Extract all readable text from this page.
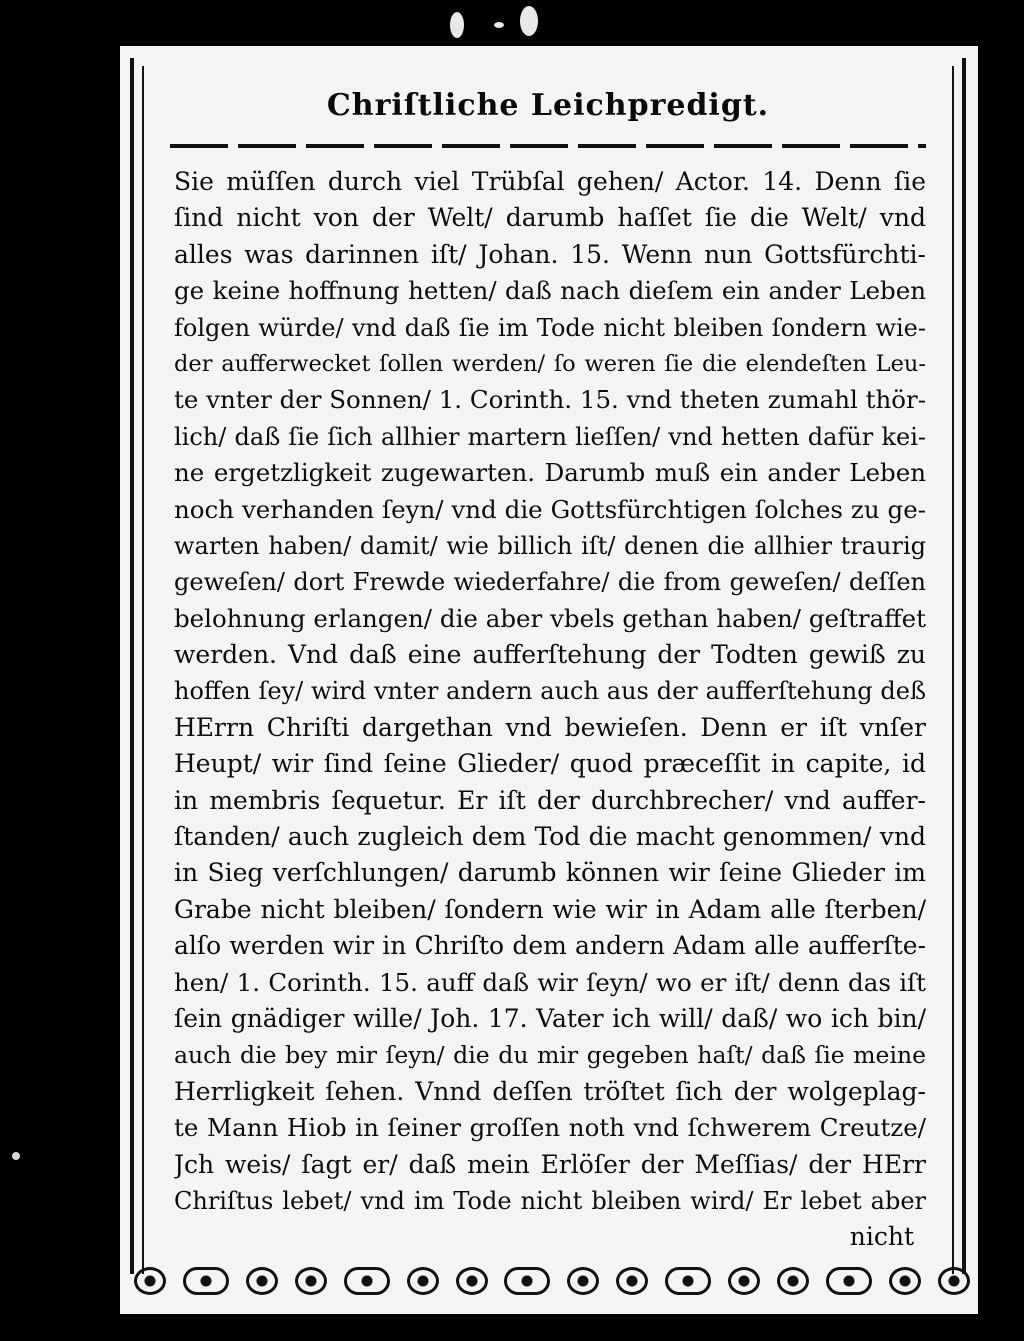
Chriſtliche Leichpredigt.
Sie müſſen durch viel Trübſal gehen/ Actor. 14. Denn ſie
ſind nicht von der Welt/ darumb haſſet ſie die Welt/ vnd
alles was darinnen iſt/ Johan. 15. Wenn nun Gottsfürchti-
ge keine hoffnung hetten/ daß nach dieſem ein ander Leben
folgen würde/ vnd daß ſie im Tode nicht bleiben ſondern wie-
der aufferwecket ſollen werden/ ſo weren ſie die elendeſten Leu-
te vnter der Sonnen/ 1. Corinth. 15. vnd theten zumahl thör-
lich/ daß ſie ſich allhier martern lieſſen/ vnd hetten dafür kei-
ne ergetzligkeit zugewarten. Darumb muß ein ander Leben
noch verhanden ſeyn/ vnd die Gottsfürchtigen ſolches zu ge-
warten haben/ damit/ wie billich iſt/ denen die allhier traurig
geweſen/ dort Frewde wiederfahre/ die from geweſen/ deſſen
belohnung erlangen/ die aber vbels gethan haben/ geſtraffet
werden. Vnd daß eine aufferſtehung der Todten gewiß zu
hoffen ſey/ wird vnter andern auch aus der aufferſtehung deß
HErrn Chriſti dargethan vnd bewieſen. Denn er iſt vnſer
Heupt/ wir ſind ſeine Glieder/ quod præceſſit in capite, id
in membris ſequetur. Er iſt der durchbrecher/ vnd auffer-
ſtanden/ auch zugleich dem Tod die macht genommen/ vnd
in Sieg verſchlungen/ darumb können wir ſeine Glieder im
Grabe nicht bleiben/ ſondern wie wir in Adam alle ſterben/
alſo werden wir in Chriſto dem andern Adam alle aufferſte-
hen/ 1. Corinth. 15. auff daß wir ſeyn/ wo er iſt/ denn das iſt
ſein gnädiger wille/ Joh. 17. Vater ich will/ daß/ wo ich bin/
auch die bey mir ſeyn/ die du mir gegeben haſt/ daß ſie meine
Herrligkeit ſehen. Vnnd deſſen tröſtet ſich der wolgeplag-
te Mann Hiob in ſeiner groſſen noth vnd ſchwerem Creutze/
Jch weis/ ſagt er/ daß mein Erlöſer der Meſſias/ der HErr
Chriſtus lebet/ vnd im Tode nicht bleiben wird/ Er lebet aber
nicht
